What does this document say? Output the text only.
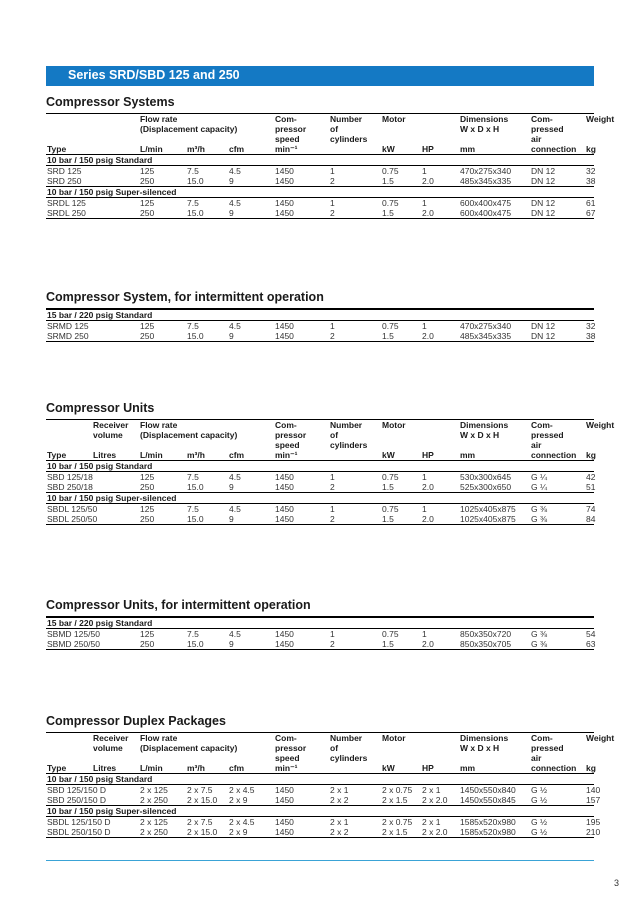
Series SRD/SBD 125 and 250
Compressor Systems
		Flow rate			Com-	Number	Motor		Dimensions	Com-	Weight
		(Displacement capacity)			pressor	of			W x D x H	pressed	
					speed	cylinders				air	
Type		L/min	m³/h	cfm	min⁻¹		kW	HP	mm	connection	kg
10 bar / 150 psig Standard											
SRD 125		125	7.5	4.5	1450	1	0.75	1	470x275x340	DN 12	32
SRD 250		250	15.0	9	1450	2	1.5	2.0	485x345x335	DN 12	38
10 bar / 150 psig Super-silenced											
SRDL 125		125	7.5	4.5	1450	1	0.75	1	600x400x475	DN 12	61
SRDL 250		250	15.0	9	1450	2	1.5	2.0	600x400x475	DN 12	67
Compressor System, for intermittent operation
15 bar / 220 psig Standard											
SRMD 125		125	7.5	4.5	1450	1	0.75	1	470x275x340	DN 12	32
SRMD 250		250	15.0	9	1450	2	1.5	2.0	485x345x335	DN 12	38
Compressor Units
	Receiver	Flow rate			Com-	Number	Motor		Dimensions	Com-	Weight
	volume	(Displacement capacity)			pressor	of			W x D x H	pressed	
					speed	cylinders				air	
Type	Litres	L/min	m³/h	cfm	min⁻¹		kW	HP	mm	connection	kg
10 bar / 150 psig Standard											
SBD 125/18		125	7.5	4.5	1450	1	0.75	1	530x300x645	G ¼	42
SBD 250/18		250	15.0	9	1450	2	1.5	2.0	525x300x650	G ¼	51
10 bar / 150 psig Super-silenced											
SBDL 125/50		125	7.5	4.5	1450	1	0.75	1	1025x405x875	G ⅜	74
SBDL 250/50		250	15.0	9	1450	2	1.5	2.0	1025x405x875	G ⅜	84
Compressor Units, for intermittent operation
15 bar / 220 psig Standard											
SBMD 125/50		125	7.5	4.5	1450	1	0.75	1	850x350x720	G ⅜	54
SBMD 250/50		250	15.0	9	1450	2	1.5	2.0	850x350x705	G ⅜	63
Compressor Duplex Packages
	Receiver	Flow rate			Com-	Number	Motor		Dimensions	Com-	Weight
	volume	(Displacement capacity)			pressor	of			W x D x H	pressed	
					speed	cylinders				air	
Type	Litres	L/min	m³/h	cfm	min⁻¹		kW	HP	mm	connection	kg
10 bar / 150 psig Standard											
SBD 125/150 D		2 x 125	2 x 7.5	2 x 4.5	1450	2 x 1	2 x 0.75	2 x 1	1450x550x840	G ½	140
SBD 250/150 D		2 x 250	2 x 15.0	2 x 9	1450	2 x 2	2 x 1.5	2 x 2.0	1450x550x845	G ½	157
10 bar / 150 psig Super-silenced											
SBDL 125/150 D		2 x 125	2 x 7.5	2 x 4.5	1450	2 x 1	2 x 0.75	2 x 1	1585x520x980	G ½	195
SBDL 250/150 D		2 x 250	2 x 15.0	2 x 9	1450	2 x 2	2 x 1.5	2 x 2.0	1585x520x980	G ½	210
3
